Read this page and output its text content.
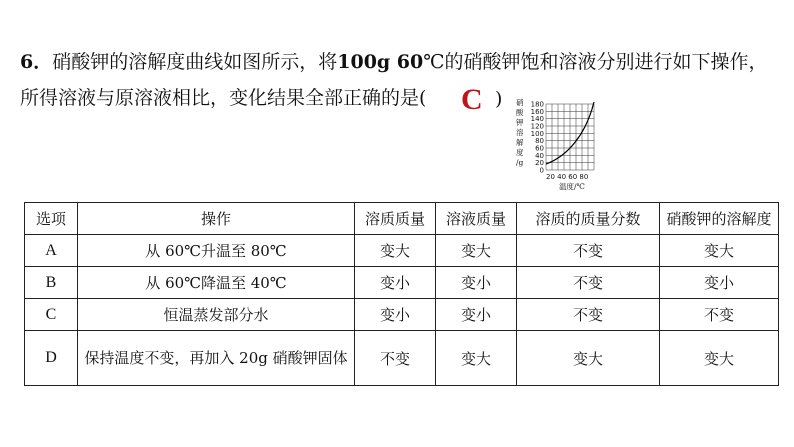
6．硝酸钾的溶解度曲线如图所示，将100g 60℃的硝酸钾饱和溶液分别进行如下操作，
所得溶液与原溶液相比，变化结果全部正确的是(	C ) 硝
酸
钾
溶
解
度
/g
180
160
140
120
100
80
60
40
20
0
20 40 60 80
温度/℃
选项	操作	溶质质量	溶液质量	溶质的质量分数	硝酸钾的溶解度
A	从 60℃升温至 80℃	变大	变大	不变	变大
B	从 60℃降温至 40℃	变小	变小	不变	变小
C	恒温蒸发部分水	变小	变小	不变	不变
D	保持温度不变，再加入 20g 硝酸钾固体	不变	变大	变大	变大
